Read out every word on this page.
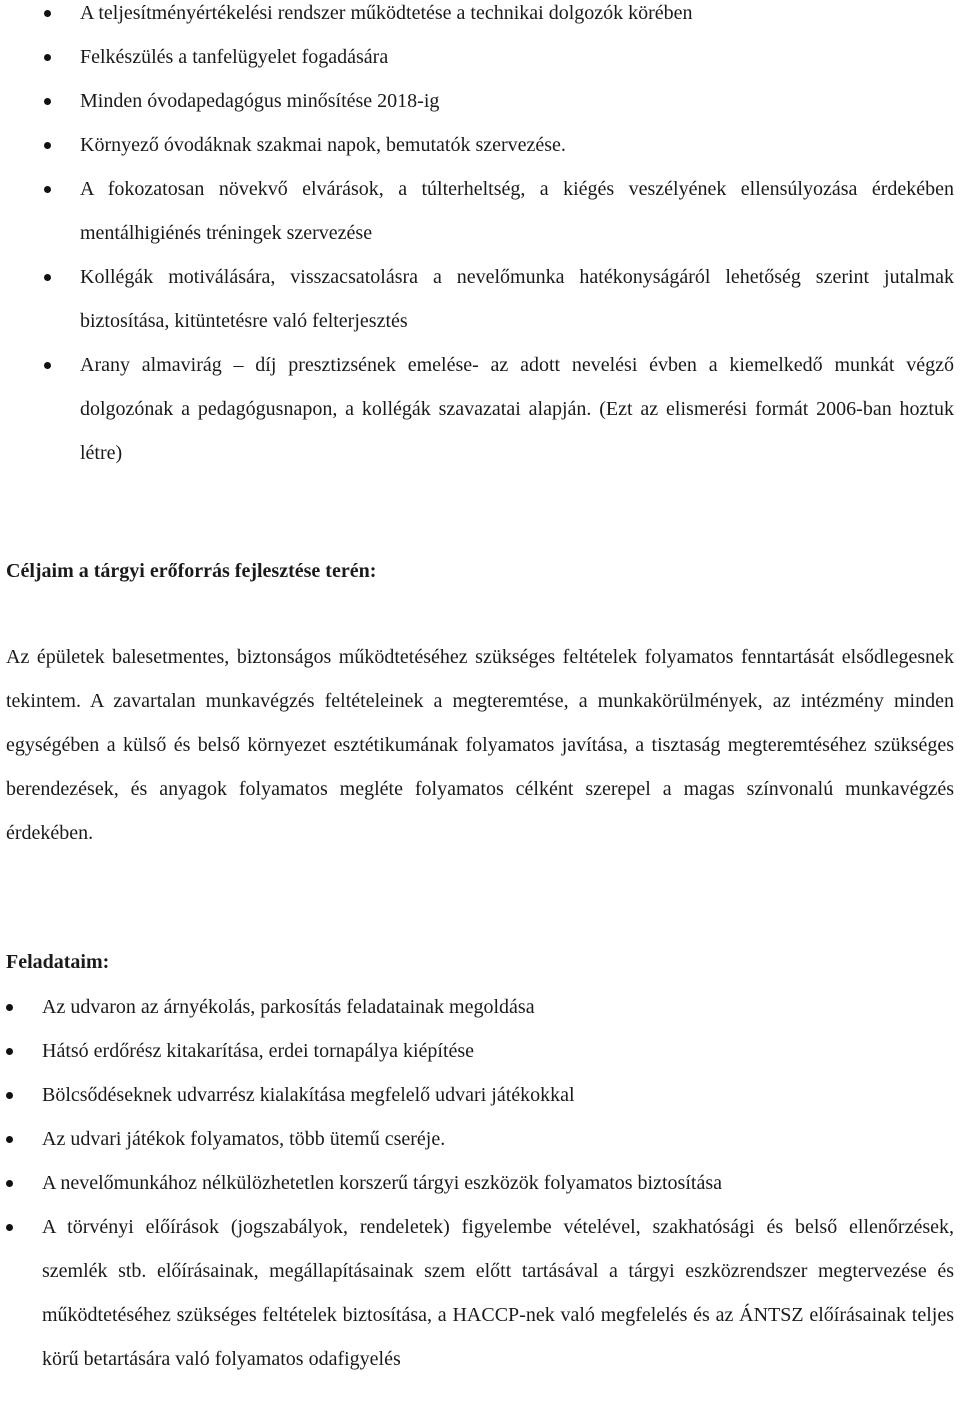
A teljesítményértékelési rendszer működtetése a technikai dolgozók körében
Felkészülés a tanfelügyelet fogadására
Minden óvodapedagógus minősítése 2018-ig
Környező óvodáknak szakmai napok, bemutatók szervezése.
A fokozatosan növekvő elvárások, a túlterheltség, a kiégés veszélyének ellensúlyozása érdekében mentálhigiénés tréningek szervezése
Kollégák motiválására, visszacsatolásra a nevelőmunka hatékonyságáról lehetőség szerint jutalmak biztosítása, kitüntetésre való felterjesztés
Arany almavirág – díj presztizsének emelése- az adott nevelési évben a kiemelkedő munkát végző dolgozónak a pedagógusnapon, a kollégák szavazatai alapján. (Ezt az elismerési formát 2006-ban hoztuk létre)
Céljaim a tárgyi erőforrás fejlesztése terén:

Az épületek balesetmentes, biztonságos működtetéséhez szükséges feltételek folyamatos fenntartását elsődlegesnek tekintem. A zavartalan munkavégzés feltételeinek a megteremtése, a munkakörülmények, az intézmény minden egységében a külső és belső környezet esztétikumának folyamatos javítása, a tisztaság megteremtéséhez szükséges berendezések, és anyagok folyamatos megléte folyamatos célként szerepel a magas színvonalú munkavégzés érdekében.

Feladataim:
Az udvaron az árnyékolás, parkosítás feladatainak megoldása
Hátsó erdőrész kitakarítása, erdei tornapálya kiépítése
Bölcsődéseknek udvarrész kialakítása megfelelő udvari játékokkal
Az udvari játékok folyamatos, több ütemű cseréje.
A nevelőmunkához nélkülözhetetlen korszerű tárgyi eszközök folyamatos biztosítása
A törvényi előírások (jogszabályok, rendeletek) figyelembe vételével, szakhatósági és belső ellenőrzések, szemlék stb. előírásainak, megállapításainak szem előtt tartásával a tárgyi eszközrendszer megtervezése és működtetéséhez szükséges feltételek biztosítása, a HACCP-nek való megfelelés és az ÁNTSZ előírásainak teljes körű betartására való folyamatos odafigyelés
